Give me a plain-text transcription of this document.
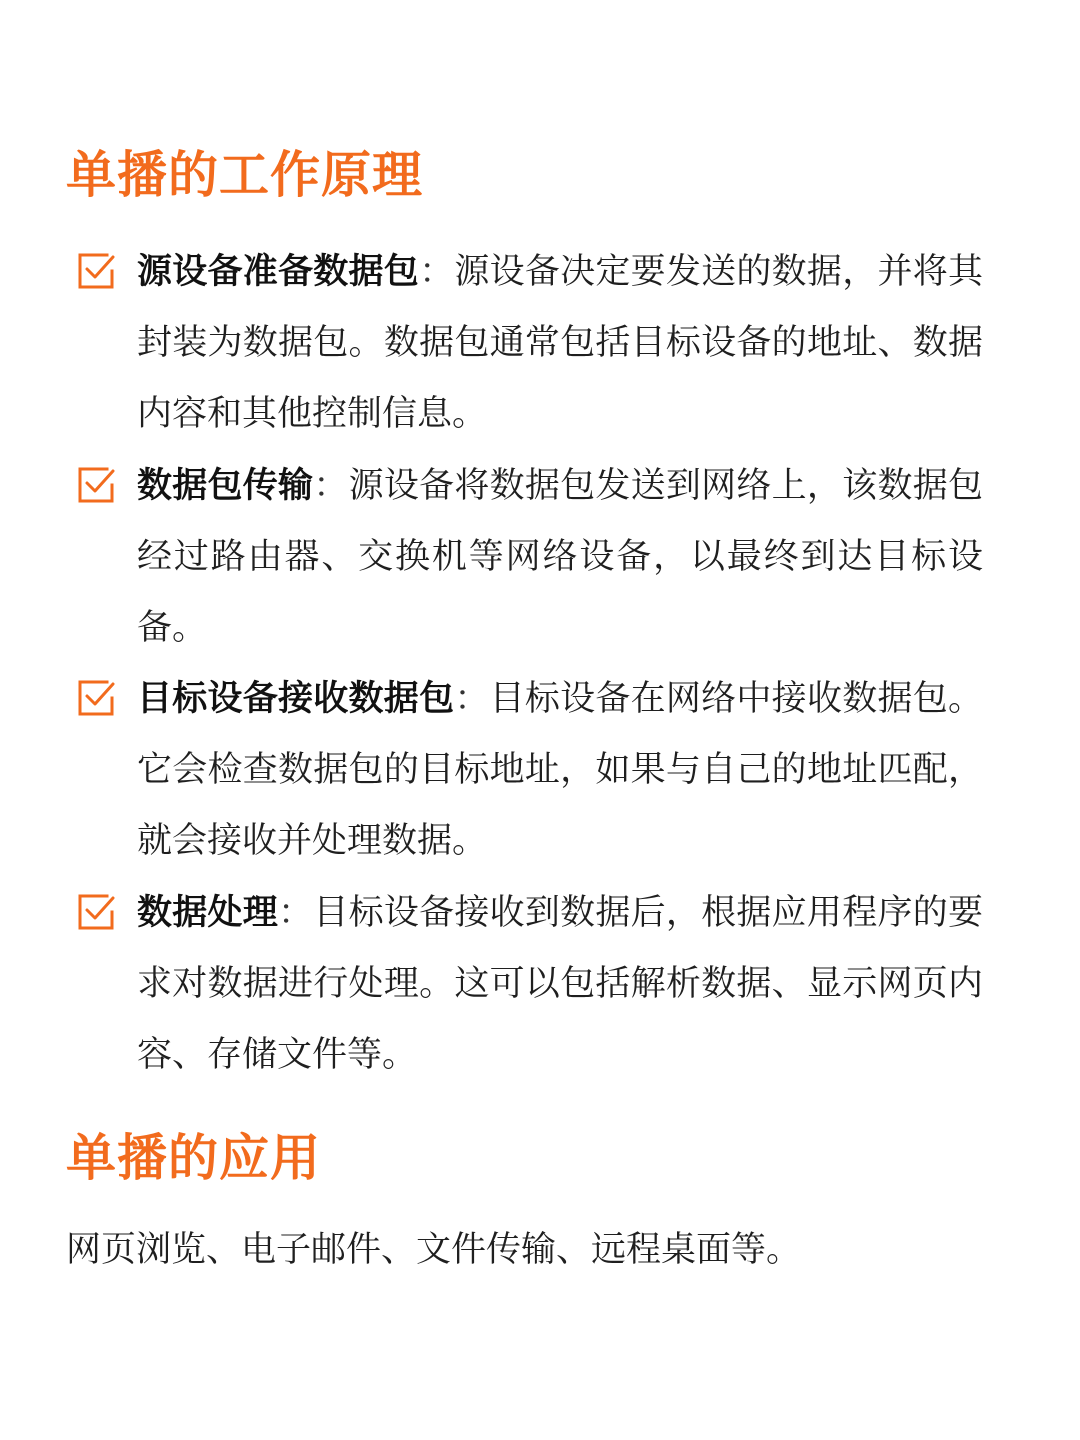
单播的工作原理

源设备准备数据包：源设备决定要发送的数据，并将其封装为数据包。数据包通常包括目标设备的地址、数据内容和其他控制信息。

数据包传输：源设备将数据包发送到网络上，该数据包经过路由器、交换机等网络设备，以最终到达目标设备。

目标设备接收数据包：目标设备在网络中接收数据包。它会检查数据包的目标地址，如果与自己的地址匹配，就会接收并处理数据。

数据处理：目标设备接收到数据后，根据应用程序的要求对数据进行处理。这可以包括解析数据、显示网页内容、存储文件等。

单播的应用

网页浏览、电子邮件、文件传输、远程桌面等。
